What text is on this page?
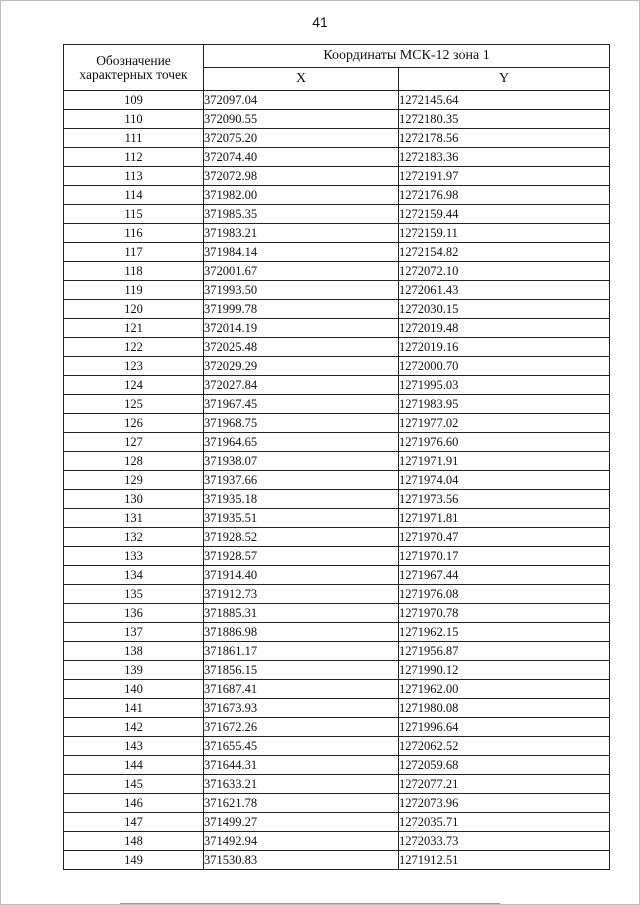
41
Обозначение характерных точек	Координаты МСК-12 зона 1	
	X	Y
109	372097.04	1272145.64
110	372090.55	1272180.35
111	372075.20	1272178.56
112	372074.40	1272183.36
113	372072.98	1272191.97
114	371982.00	1272176.98
115	371985.35	1272159.44
116	371983.21	1272159.11
117	371984.14	1272154.82
118	372001.67	1272072.10
119	371993.50	1272061.43
120	371999.78	1272030.15
121	372014.19	1272019.48
122	372025.48	1272019.16
123	372029.29	1272000.70
124	372027.84	1271995.03
125	371967.45	1271983.95
126	371968.75	1271977.02
127	371964.65	1271976.60
128	371938.07	1271971.91
129	371937.66	1271974.04
130	371935.18	1271973.56
131	371935.51	1271971.81
132	371928.52	1271970.47
133	371928.57	1271970.17
134	371914.40	1271967.44
135	371912.73	1271976.08
136	371885.31	1271970.78
137	371886.98	1271962.15
138	371861.17	1271956.87
139	371856.15	1271990.12
140	371687.41	1271962.00
141	371673.93	1271980.08
142	371672.26	1271996.64
143	371655.45	1272062.52
144	371644.31	1272059.68
145	371633.21	1272077.21
146	371621.78	1272073.96
147	371499.27	1272035.71
148	371492.94	1272033.73
149	371530.83	1271912.51
